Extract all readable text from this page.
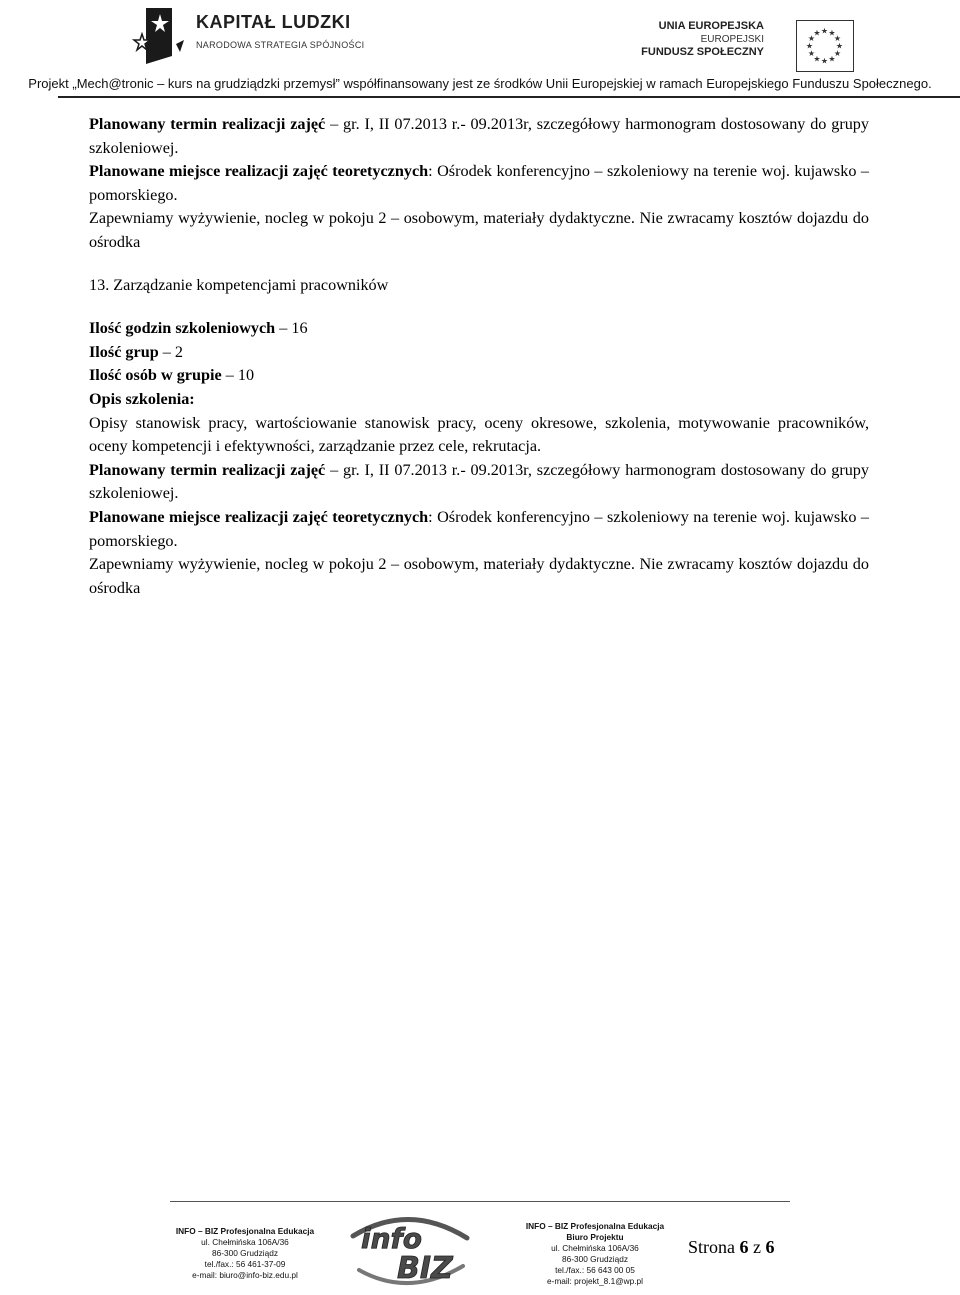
KAPITAŁ LUDZKI
NARODOWA STRATEGIA SPÓJNOŚCI
UNIA EUROPEJSKA
EUROPEJSKI
FUNDUSZ SPOŁECZNY
★ ★
★
★
★
★
★
★
★
★
★
★
Projekt „Mech@tronic – kurs na grudziądzki przemysł” współfinansowany jest ze środków Unii Europejskiej w ramach Europejskiego Funduszu Społecznego.

Planowany termin realizacji zajęć – gr. I, II 07.2013 r.- 09.2013r, szczegółowy harmonogram dostosowany do grupy szkoleniowej.

Planowane miejsce realizacji zajęć teoretycznych: Ośrodek konferencyjno – szkoleniowy na terenie woj. kujawsko – pomorskiego.

Zapewniamy wyżywienie, nocleg w pokoju 2 – osobowym, materiały dydaktyczne. Nie zwracamy kosztów dojazdu do ośrodka

13. Zarządzanie kompetencjami pracowników

Ilość godzin szkoleniowych – 16

Ilość grup – 2

Ilość osób w grupie – 10

Opis szkolenia:

Opisy stanowisk pracy, wartościowanie stanowisk pracy, oceny okresowe, szkolenia, motywowanie pracowników, oceny kompetencji i efektywności, zarządzanie przez cele, rekrutacja.

Planowany termin realizacji zajęć – gr. I, II 07.2013 r.- 09.2013r, szczegółowy harmonogram dostosowany do grupy szkoleniowej.

Planowane miejsce realizacji zajęć teoretycznych: Ośrodek konferencyjno – szkoleniowy na terenie woj. kujawsko – pomorskiego.

Zapewniamy wyżywienie, nocleg w pokoju 2 – osobowym, materiały dydaktyczne. Nie zwracamy kosztów dojazdu do ośrodka

INFO – BIZ Profesjonalna Edukacja
ul. Chełmińska 106A/36
86-300 Grudziądz
tel./fax.: 56 461-37-09
e-mail: biuro@info-biz.edu.pl
info
BIZ
INFO – BIZ Profesjonalna Edukacja
Biuro Projektu
ul. Chełmińska 106A/36
86-300 Grudziądz
tel./fax.: 56 643 00 05
e-mail: projekt_8.1@wp.pl
Strona 6 z 6
